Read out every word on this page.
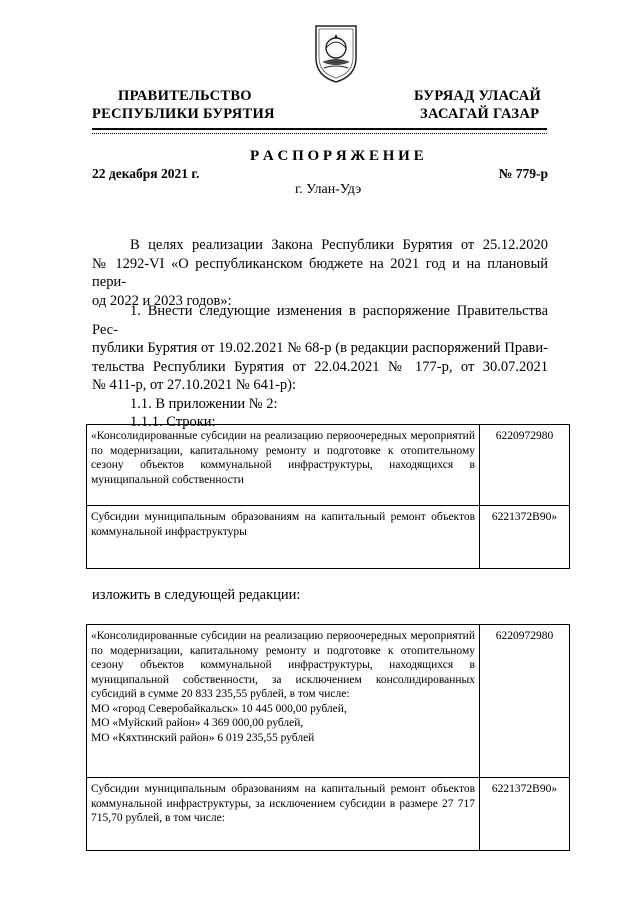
ПРАВИТЕЛЬСТВО
РЕСПУБЛИКИ БУРЯТИЯ
БУРЯАД УЛАСАЙ
ЗАСАГАЙ ГАЗАР
Р А С П О Р Я Ж Е Н И Е
22 декабря 2021 г.	№ 779-р
г. Улан-Удэ
В целях реализации Закона Республики Бурятия от 25.12.2020
№ 1292-VI «О республиканском бюджете на 2021 год и на плановый пери-
од 2022 и 2023 годов»:
1. Внести следующие изменения в распоряжение Правительства Рес-
публики Бурятия от 19.02.2021 № 68-р (в редакции распоряжений Прави-
тельства Республики Бурятия от 22.04.2021 № 177-р, от 30.07.2021
№ 411-р, от 27.10.2021 № 641-р):
1.1. В приложении № 2:
1.1.1. Строки:
«Консолидированные субсидии на реализацию первоочередных мероприятий по модернизации, капитальному ремонту и подготовке к отопительному сезону объектов коммунальной инфраструктуры, находящихся в муниципальной собственности	6220972980
Субсидии муниципальным образованиям на капитальный ремонт объектов коммунальной инфраструктуры	6221372В90»
изложить в следующей редакции:
«Консолидированные субсидии на реализацию первоочередных мероприятий по модернизации, капитальному ремонту и подготовке к отопительному сезону объектов коммунальной инфраструктуры, находящихся в муниципальной собственности, за исключением консолидированных субсидий в сумме 20 833 235,55 рублей, в том числе:
МО «город Северобайкальск» 10 445 000,00 рублей,
МО «Муйский район» 4 369 000,00 рублей,
МО «Кяхтинский район» 6 019 235,55 рублей	6220972980
Субсидии муниципальным образованиям на капитальный ремонт объектов коммунальной инфраструктуры, за исключением субсидии в размере 27 717 715,70 рублей, в том числе:	6221372В90»
